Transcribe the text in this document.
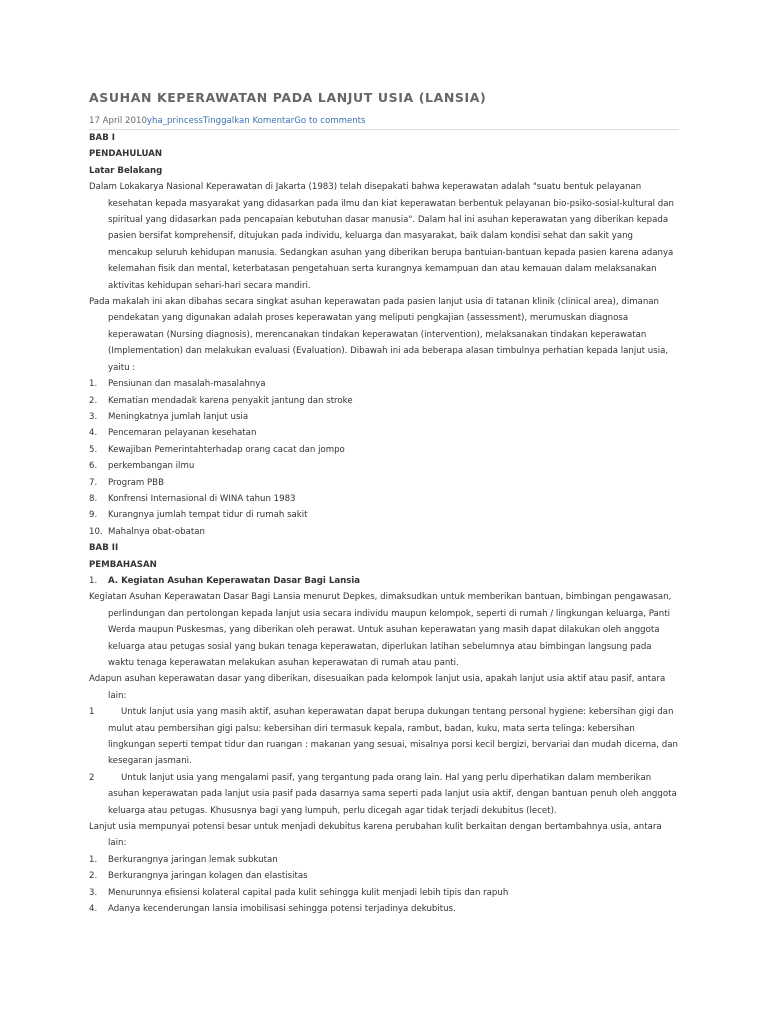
ASUHAN KEPERAWATAN PADA LANJUT USIA (LANSIA)
17 April 2010yha_princessTinggalkan KomentarGo to comments

BAB I

PENDAHULUAN

Latar Belakang

Dalam Lokakarya Nasional Keperawatan di Jakarta (1983) telah disepakati bahwa keperawatan adalah "suatu bentuk pelayanan kesehatan kepada masyarakat yang didasarkan pada ilmu dan kiat keperawatan berbentuk pelayanan bio-psiko-sosial-kultural dan spiritual yang didasarkan pada pencapaian kebutuhan dasar manusia". Dalam hal ini asuhan keperawatan yang diberikan kepada pasien bersifat komprehensif, ditujukan pada individu, keluarga dan masyarakat, baik dalam kondisi sehat dan sakit yang mencakup seluruh kehidupan manusia. Sedangkan asuhan yang diberikan berupa bantuian-bantuan kepada pasien karena adanya kelemahan fisik dan mental, keterbatasan pengetahuan serta kurangnya kemampuan dan atau kemauan dalam melaksanakan aktivitas kehidupan sehari-hari secara mandiri.

Pada makalah ini akan dibahas secara singkat asuhan keperawatan pada pasien lanjut usia di tatanan klinik (clinical area), dimanan pendekatan yang digunakan adalah proses keperawatan yang meliputi pengkajian (assessment), merumuskan diagnosa keperawatan (Nursing diagnosis), merencanakan tindakan keperawatan (intervention), melaksanakan tindakan keperawatan (Implementation) dan melakukan evaluasi (Evaluation). Dibawah ini ada beberapa alasan timbulnya perhatian kepada lanjut usia, yaitu :

1. Pensiunan dan masalah-masalahnya
2. Kematian mendadak karena penyakit jantung dan stroke
3. Meningkatnya jumlah lanjut usia
4. Pencemaran pelayanan kesehatan
5. Kewajiban Pemerintahterhadap orang cacat dan jompo
6. perkembangan ilmu
7. Program PBB
8. Konfrensi Internasional di WINA tahun 1983
9. Kurangnya jumlah tempat tidur di rumah sakit
10. Mahalnya obat-obatan

BAB II

PEMBAHASAN

1. A. Kegiatan Asuhan Keperawatan Dasar Bagi Lansia

Kegiatan Asuhan Keperawatan Dasar Bagi Lansia menurut Depkes, dimaksudkan untuk memberikan bantuan, bimbingan pengawasan, perlindungan dan pertolongan kepada lanjut usia secara individu maupun kelompok, seperti di rumah / lingkungan keluarga, Panti Werda maupun Puskesmas, yang diberikan oleh perawat. Untuk asuhan keperawatan yang masih dapat dilakukan oleh anggota keluarga atau petugas sosial yang bukan tenaga keperawatan, diperlukan latihan sebelumnya atau bimbingan langsung pada waktu tenaga keperawatan melakukan asuhan keperawatan di rumah atau panti.

Adapun asuhan keperawatan dasar yang diberikan, disesuaikan pada kelompok lanjut usia, apakah lanjut usia aktif atau pasif, antara lain:

1	Untuk lanjut usia yang masih aktif, asuhan keperawatan dapat berupa dukungan tentang personal hygiene: kebersihan gigi dan mulut atau pembersihan gigi palsu: kebersihan diri termasuk kepala, rambut, badan, kuku, mata serta telinga: kebersihan lingkungan seperti tempat tidur dan ruangan : makanan yang sesuai, misalnya porsi kecil bergizi, bervariai dan mudah dicerna, dan kesegaran jasmani.
2	Untuk lanjut usia yang mengalami pasif, yang tergantung pada orang lain. Hal yang perlu diperhatikan dalam memberikan asuhan keperawatan pada lanjut usia pasif pada dasarnya sama seperti pada lanjut usia aktif, dengan bantuan penuh oleh anggota keluarga atau petugas. Khususnya bagi yang lumpuh, perlu dicegah agar tidak terjadi dekubitus (lecet).

Lanjut usia mempunyai potensi besar untuk menjadi dekubitus karena perubahan kulit berkaitan dengan bertambahnya usia, antara lain:

1. Berkurangnya jaringan lemak subkutan
2. Berkurangnya jaringan kolagen dan elastisitas
3. Menurunnya efisiensi kolateral capital pada kulit sehingga kulit menjadi lebih tipis dan rapuh
4. Adanya kecenderungan lansia imobilisasi sehingga potensi terjadinya dekubitus.
